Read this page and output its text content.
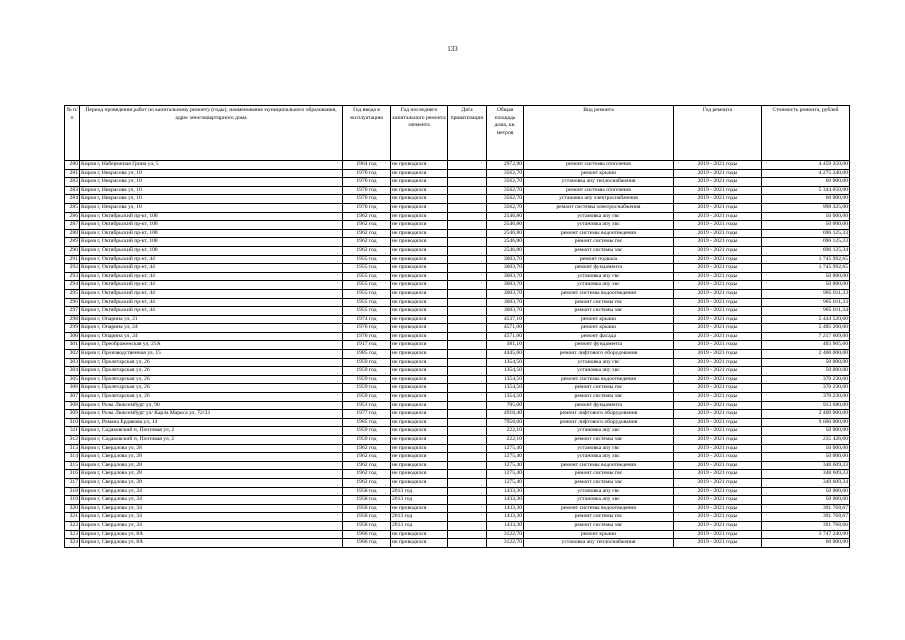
133
№ п/п	Период проведения работ по капитальному ремонту (годы), наименование муниципального образования, адрес многоквартирного дома	Год ввода в эксплуатацию	Год последнего капитального ремонта элемента	Дата приватизации	Общая площадь дома, кв. метров	Вид ремонта	Год ремонта	Стоимость ремонта, рублей
280	Киров г, Набережная Грина ул, 5	1964 год	не проводился		2972,90	ремонт системы отопления	2019 - 2021 годы	4 459 350,00
281	Киров г, Некрасова ул, 10	1970 год	не проводился		3562,70	ремонт крыши	2019 - 2021 годы	4 275 240,00
282	Киров г, Некрасова ул, 10	1970 год	не проводился		3562,70	установка апу теплоснабжения	2019 - 2021 годы	60 000,00
283	Киров г, Некрасова ул, 10	1970 год	не проводился		3562,70	ремонт системы отопления	2019 - 2021 годы	5 344 050,00
284	Киров г, Некрасова ул, 10	1970 год	не проводился		3562,70	установка апу электроснабжения	2019 - 2021 годы	60 000,00
285	Киров г, Некрасова ул, 10	1970 год	не проводился		3562,70	ремонт системы электроснабжения	2019 - 2021 годы	998 325,00
286	Киров г, Октябрьский пр-кт, 108	1962 год	не проводился		2546,80	установка апу гвс	2019 - 2021 годы	50 000,00
287	Киров г, Октябрьский пр-кт, 108	1962 год	не проводился		2546,80	установка апу хвс	2019 - 2021 годы	50 000,00
288	Киров г, Октябрьский пр-кт, 108	1962 год	не проводился		2546,80	ремонт системы водоотведения	2019 - 2021 годы	696 125,33
289	Киров г, Октябрьский пр-кт, 108	1962 год	не проводился		2546,80	ремонт системы гвс	2019 - 2021 годы	696 125,33
290	Киров г, Октябрьский пр-кт, 108	1962 год	не проводился		2546,80	ремонт системы хвс	2019 - 2021 годы	696 125,34
291	Киров г, Октябрьский пр-кт, 44	1955 год	не проводился		3603,70	ремонт подвала	2019 - 2021 годы	1 745 992,65
292	Киров г, Октябрьский пр-кт, 44	1955 год	не проводился		3603,70	ремонт фундамента	2019 - 2021 годы	1 745 992,65
293	Киров г, Октябрьский пр-кт, 44	1955 год	не проводился		3603,70	установка апу гвс	2019 - 2021 годы	50 000,00
294	Киров г, Октябрьский пр-кт, 44	1955 год	не проводился		3603,70	установка апу хвс	2019 - 2021 годы	50 000,00
295	Киров г, Октябрьский пр-кт, 44	1955 год	не проводился		3603,70	ремонт системы водоотведения	2019 - 2021 годы	985 011,33
296	Киров г, Октябрьский пр-кт, 44	1955 год	не проводился		3603,70	ремонт системы гвс	2019 - 2021 годы	985 011,33
297	Киров г, Октябрьский пр-кт, 44	1955 год	не проводился		3603,70	ремонт системы хвс	2019 - 2021 годы	985 011,34
298	Киров г, Опарина ул, 21	1974 год	не проводился		4537,10	ремонт крыши	2019 - 2021 годы	5 444 520,00
299	Киров г, Опарина ул, 24	1976 год	не проводился		4571,00	ремонт крыши	2019 - 2021 годы	5 485 200,00
300	Киров г, Опарина ул, 24	1976 год	не проводился		4571,00	ремонт фасада	2019 - 2021 годы	7 217 609,00
301	Киров г, Преображенская ул, 25А	1917 год	не проводился		381,10	ремонт фундамента	2019 - 2021 годы	403 905,60
302	Киров г, Производственная ул, 15	1985 год	не проводился		4445,60	ремонт лифтового оборудования	2019 - 2021 годы	2 400 000,00
303	Киров г, Пролетарская ул, 26	1959 год	не проводился		1354,50	установка апу гвс	2019 - 2021 годы	50 000,00
304	Киров г, Пролетарская ул, 26	1959 год	не проводился		1354,50	установка апу хвс	2019 - 2021 годы	50 000,00
305	Киров г, Пролетарская ул, 26	1959 год	не проводился		1354,50	ремонт системы водоотведения	2019 - 2021 годы	370 230,00
306	Киров г, Пролетарская ул, 26	1959 год	не проводился		1354,50	ремонт системы гвс	2019 - 2021 годы	370 230,00
307	Киров г, Пролетарская ул, 26	1959 год	не проводился		1354,50	ремонт системы хвс	2019 - 2021 годы	370 230,00
308	Киров г, Розы Люксембург ул, 90	1951 год	не проводился		705,00	ремонт фундамента	2019 - 2021 годы	913 680,00
309	Киров г, Розы Люксембург ул/ Карла Маркса ул, 72/33	1977 год	не проводился		4918,40	ремонт лифтового оборудования	2019 - 2021 годы	2 400 000,00
310	Киров г, Романа Ердякова ул, 14	1985 год	не проводился		7958,60	ремонт лифтового оборудования	2019 - 2021 годы	9 600 000,00
311	Киров г, Садаковский п, Почтовая ул, 2	1959 год	не проводился		222,10	установка апу хвс	2019 - 2021 годы	50 000,00
312	Киров г, Садаковский п, Почтовая ул, 2	1959 год	не проводился		222,10	ремонт системы хвс	2019 - 2021 годы	235 426,00
313	Киров г, Свердлова ул, 28	1962 год	не проводился		1275,40	установка апу гвс	2019 - 2021 годы	50 000,00
314	Киров г, Свердлова ул, 28	1962 год	не проводился		1275,40	установка апу хвс	2019 - 2021 годы	50 000,00
315	Киров г, Свердлова ул, 28	1962 год	не проводился		1275,40	ремонт системы водоотведения	2019 - 2021 годы	348 609,33
316	Киров г, Свердлова ул, 28	1962 год	не проводился		1275,40	ремонт системы гвс	2019 - 2021 годы	348 609,33
317	Киров г, Свердлова ул, 28	1962 год	не проводился		1275,40	ремонт системы хвс	2019 - 2021 годы	348 609,34
318	Киров г, Свердлова ул, 34	1958 год	2013 год		1433,30	установка апу гвс	2019 - 2021 годы	50 000,00
319	Киров г, Свердлова ул, 34	1958 год	2013 год		1433,30	установка апу хвс	2019 - 2021 годы	50 000,00
320	Киров г, Свердлова ул, 34	1958 год	не проводился		1433,30	ремонт системы водоотведения	2019 - 2021 годы	391 768,67
321	Киров г, Свердлова ул, 34	1958 год	2013 год		1433,30	ремонт системы гвс	2019 - 2021 годы	391 768,67
322	Киров г, Свердлова ул, 34	1958 год	2013 год		1433,30	ремонт системы хвс	2019 - 2021 годы	391 768,66
323	Киров г, Свердлова ул, 8А	1966 год	не проводился		3122,70	ремонт крыши	2019 - 2021 годы	3 747 240,00
324	Киров г, Свердлова ул, 8А	1966 год	не проводился		3122,70	установка апу теплоснабжения	2019 - 2021 годы	60 000,00
